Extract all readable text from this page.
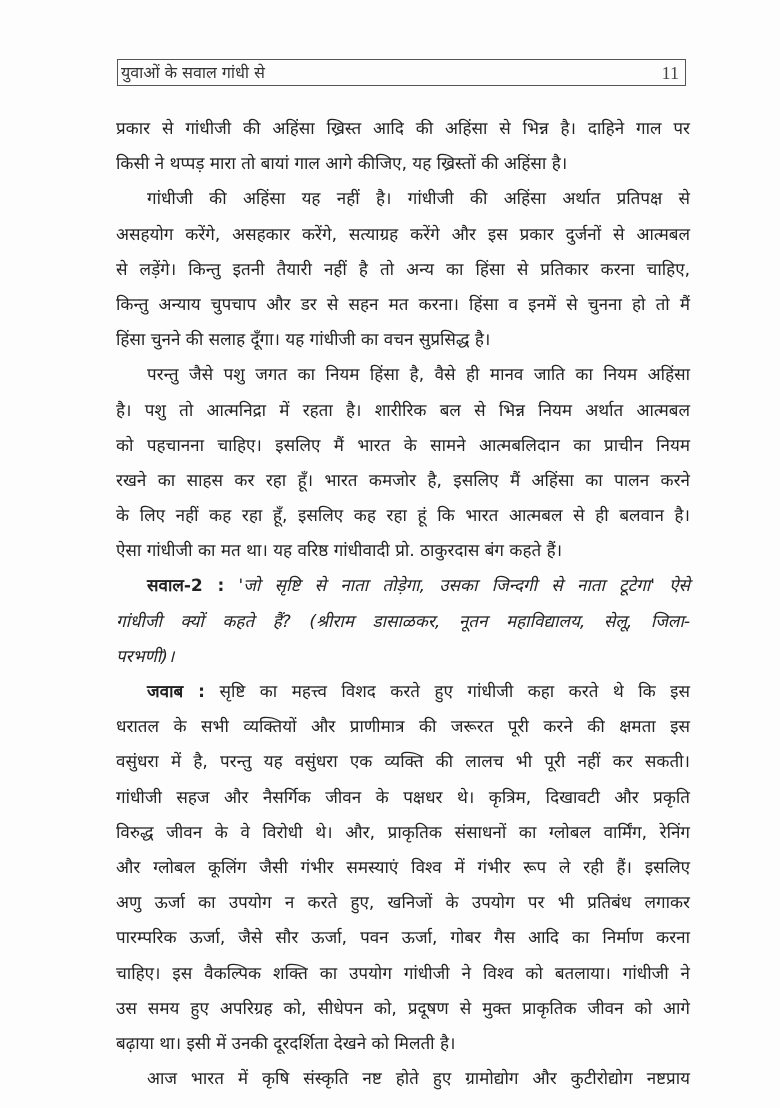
युवाओं के सवाल गांधी से	11
प्रकार से गांधीजी की अहिंसा ख्रिस्त आदि की अहिंसा से भिन्न है। दाहिने गाल पर
किसी ने थप्पड़ मारा तो बायां गाल आगे कीजिए, यह ख्रिस्तों की अहिंसा है।
गांधीजी की अहिंसा यह नहीं है। गांधीजी की अहिंसा अर्थात प्रतिपक्ष से
असहयोग करेंगे, असहकार करेंगे, सत्याग्रह करेंगे और इस प्रकार दुर्जनों से आत्मबल
से लड़ेंगे। किन्तु इतनी तैयारी नहीं है तो अन्य का हिंसा से प्रतिकार करना चाहिए,
किन्तु अन्याय चुपचाप और डर से सहन मत करना। हिंसा व इनमें से चुनना हो तो मैं
हिंसा चुनने की सलाह दूँगा। यह गांधीजी का वचन सुप्रसिद्ध है।
परन्तु जैसे पशु जगत का नियम हिंसा है, वैसे ही मानव जाति का नियम अहिंसा
है। पशु तो आत्मनिद्रा में रहता है। शारीरिक बल से भिन्न नियम अर्थात आत्मबल
को पहचानना चाहिए। इसलिए मैं भारत के सामने आत्मबलिदान का प्राचीन नियम
रखने का साहस कर रहा हूँ। भारत कमजोर है, इसलिए मैं अहिंसा का पालन करने
के लिए नहीं कह रहा हूँ, इसलिए कह रहा हूं कि भारत आत्मबल से ही बलवान है।
ऐसा गांधीजी का मत था। यह वरिष्ठ गांधीवादी प्रो. ठाकुरदास बंग कहते हैं।
सवाल-2 : 'जो सृष्टि से नाता तोड़ेगा, उसका जिन्दगी से नाता टूटेगा' ऐसे
गांधीजी क्यों कहते हैं? (श्रीराम डासाळकर, नूतन महाविद्यालय, सेलू, जिला-
परभणी)।
जवाब : सृष्टि का महत्त्व विशद करते हुए गांधीजी कहा करते थे कि इस
धरातल के सभी व्यक्तियों और प्राणीमात्र की जरूरत पूरी करने की क्षमता इस
वसुंधरा में है, परन्तु यह वसुंधरा एक व्यक्ति की लालच भी पूरी नहीं कर सकती।
गांधीजी सहज और नैसर्गिक जीवन के पक्षधर थे। कृत्रिम, दिखावटी और प्रकृति
विरुद्ध जीवन के वे विरोधी थे। और, प्राकृतिक संसाधनों का ग्लोबल वार्मिंग, रेनिंग
और ग्लोबल कूलिंग जैसी गंभीर समस्याएं विश्व में गंभीर रूप ले रही हैं। इसलिए
अणु ऊर्जा का उपयोग न करते हुए, खनिजों के उपयोग पर भी प्रतिबंध लगाकर
पारम्परिक ऊर्जा, जैसे सौर ऊर्जा, पवन ऊर्जा, गोबर गैस आदि का निर्माण करना
चाहिए। इस वैकल्पिक शक्ति का उपयोग गांधीजी ने विश्व को बतलाया। गांधीजी ने
उस समय हुए अपरिग्रह को, सीधेपन को, प्रदूषण से मुक्त प्राकृतिक जीवन को आगे
बढ़ाया था। इसी में उनकी दूरदर्शिता देखने को मिलती है।
आज भारत में कृषि संस्कृति नष्ट होते हुए ग्रामोद्योग और कुटीरोद्योग नष्टप्राय
